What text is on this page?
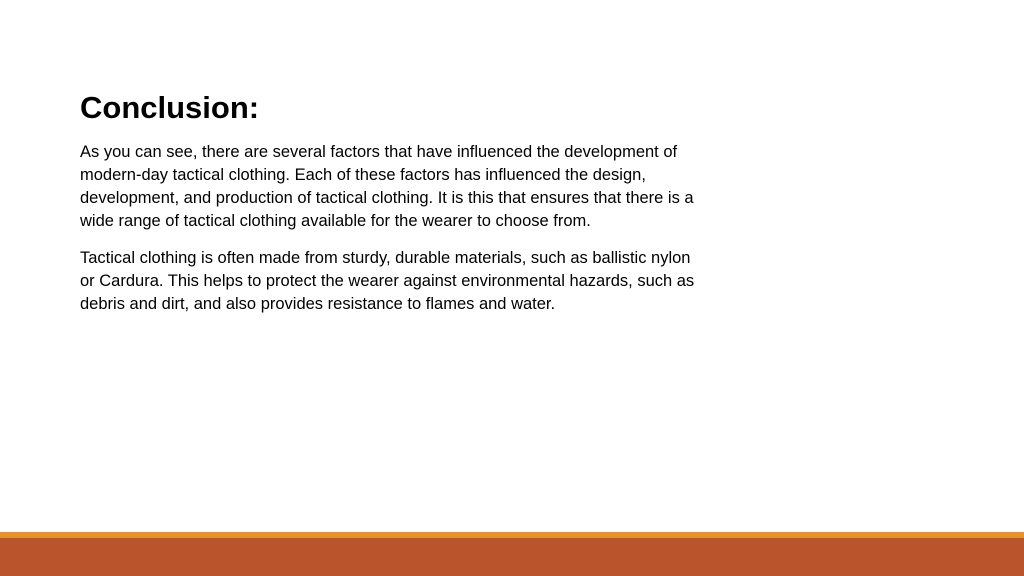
Conclusion:

As you can see, there are several factors that have influenced the development of
modern-day tactical clothing. Each of these factors has influenced the design,
development, and production of tactical clothing. It is this that ensures that there is a
wide range of tactical clothing available for the wearer to choose from.

Tactical clothing is often made from sturdy, durable materials, such as ballistic nylon
or Cardura. This helps to protect the wearer against environmental hazards, such as
debris and dirt, and also provides resistance to flames and water.
